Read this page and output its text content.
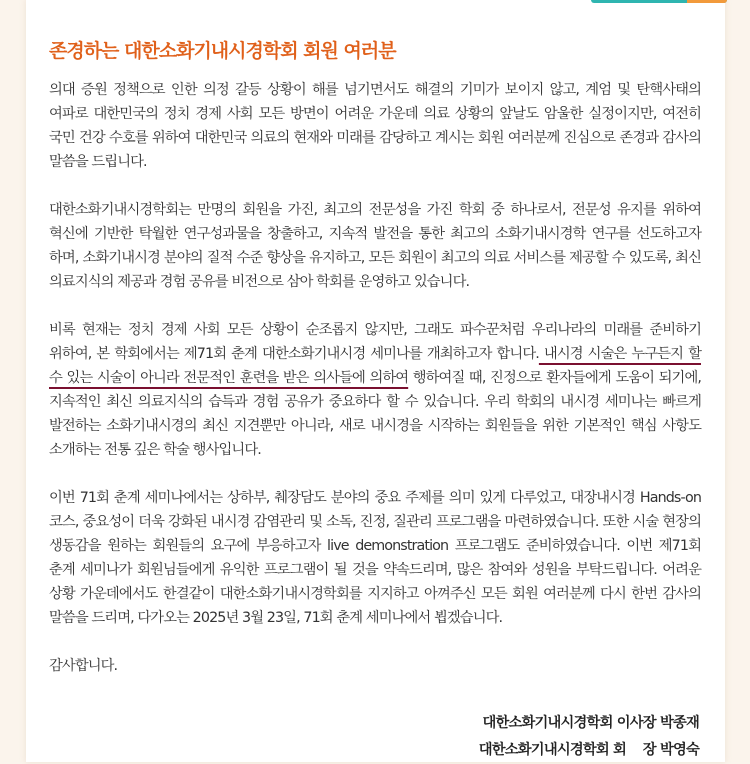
존경하는 대한소화기내시경학회 회원 여러분

의대 증원 정책으로 인한 의정 갈등 상황이 해를 넘기면서도 해결의 기미가 보이지 않고, 계엄 및 탄핵사태의 여파로 대한민국의 정치 경제 사회 모든 방면이 어려운 가운데 의료 상황의 앞날도 암울한 실정이지만, 여전히 국민 건강 수호를 위하여 대한민국 의료의 현재와 미래를 감당하고 계시는 회원 여러분께 진심으로 존경과 감사의 말씀을 드립니다.

대한소화기내시경학회는 만명의 회원을 가진, 최고의 전문성을 가진 학회 중 하나로서, 전문성 유지를 위하여 혁신에 기반한 탁월한 연구성과물을 창출하고, 지속적 발전을 통한 최고의 소화기내시경학 연구를 선도하고자 하며, 소화기내시경 분야의 질적 수준 향상을 유지하고, 모든 회원이 최고의 의료 서비스를 제공할 수 있도록, 최신 의료지식의 제공과 경험 공유를 비전으로 삼아 학회를 운영하고 있습니다.

비록 현재는 정치 경제 사회 모든 상황이 순조롭지 않지만, 그래도 파수꾼처럼 우리나라의 미래를 준비하기 위하여, 본 학회에서는 제71회 춘계 대한소화기내시경 세미나를 개최하고자 합니다. 내시경 시술은 누구든지 할 수 있는 시술이 아니라 전문적인 훈련을 받은 의사들에 의하여 행하여질 때, 진정으로 환자들에게 도움이 되기에, 지속적인 최신 의료지식의 습득과 경험 공유가 중요하다 할 수 있습니다. 우리 학회의 내시경 세미나는 빠르게 발전하는 소화기내시경의 최신 지견뿐만 아니라, 새로 내시경을 시작하는 회원들을 위한 기본적인 핵심 사항도 소개하는 전통 깊은 학술 행사입니다.

이번 71회 춘계 세미나에서는 상하부, 췌장담도 분야의 중요 주제를 의미 있게 다루었고, 대장내시경 Hands-on 코스, 중요성이 더욱 강화된 내시경 감염관리 및 소독, 진정, 질관리 프로그램을 마련하였습니다. 또한 시술 현장의 생동감을 원하는 회원들의 요구에 부응하고자 live demonstration 프로그램도 준비하였습니다. 이번 제71회 춘계 세미나가 회원님들에게 유익한 프로그램이 될 것을 약속드리며, 많은 참여와 성원을 부탁드립니다. 어려운 상황 가운데에서도 한결같이 대한소화기내시경학회를 지지하고 아껴주신 모든 회원 여러분께 다시 한번 감사의 말씀을 드리며, 다가오는 2025년 3월 23일, 71회 춘계 세미나에서 뵙겠습니다.

감사합니다.

대한소화기내시경학회 이사장 박종재
대한소화기내시경학회 회    장 박영숙
